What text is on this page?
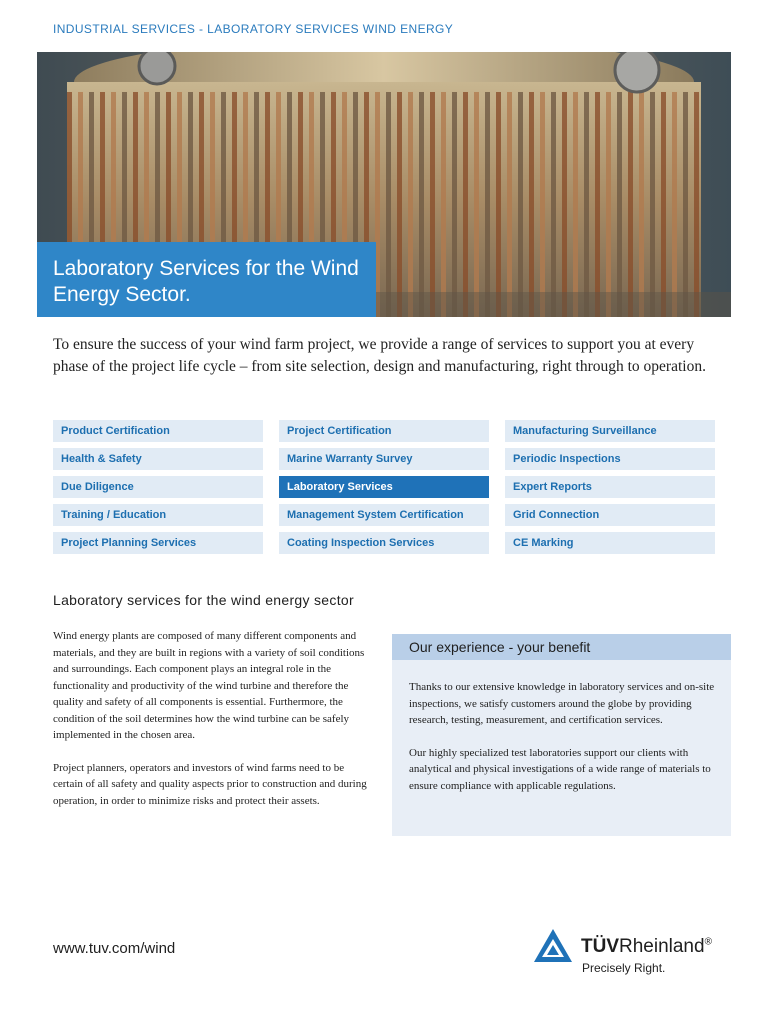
INDUSTRIAL SERVICES - LABORATORY SERVICES WIND ENERGY
Laboratory Services for the Wind Energy Sector.
To ensure the success of your wind farm project, we provide a range of services to support you at every phase of the project life cycle – from site selection, design and manufacturing, right through to operation.
Product Certification
Health & Safety
Due Diligence
Training / Education
Project Planning Services
Project Certification
Marine Warranty Survey
Laboratory Services
Management System Certification
Coating Inspection Services
Manufacturing Surveillance
Periodic Inspections
Expert Reports
Grid Connection
CE Marking
Laboratory services for the wind energy sector

Wind energy plants are composed of many different components and materials, and they are built in regions with a variety of soil conditions and surroundings. Each component plays an integral role in the functionality and productivity of the wind turbine and therefore the quality and safety of all components is essential. Furthermore, the condition of the soil determines how the wind turbine can be safely implemented in the chosen area.

Project planners, operators and investors of wind farms need to be certain of all safety and quality aspects prior to construction and during operation, in order to minimize risks and protect their assets.

Our experience - your benefit

Thanks to our extensive knowledge in laboratory services and on-site inspections, we satisfy customers around the globe by providing research, testing, measurement, and certification services.

Our highly specialized test laboratories support our clients with analytical and physical investigations of a wide range of materials to ensure compliance with applicable regulations.

www.tuv.com/wind	TÜVRheinland®
Precisely Right.
